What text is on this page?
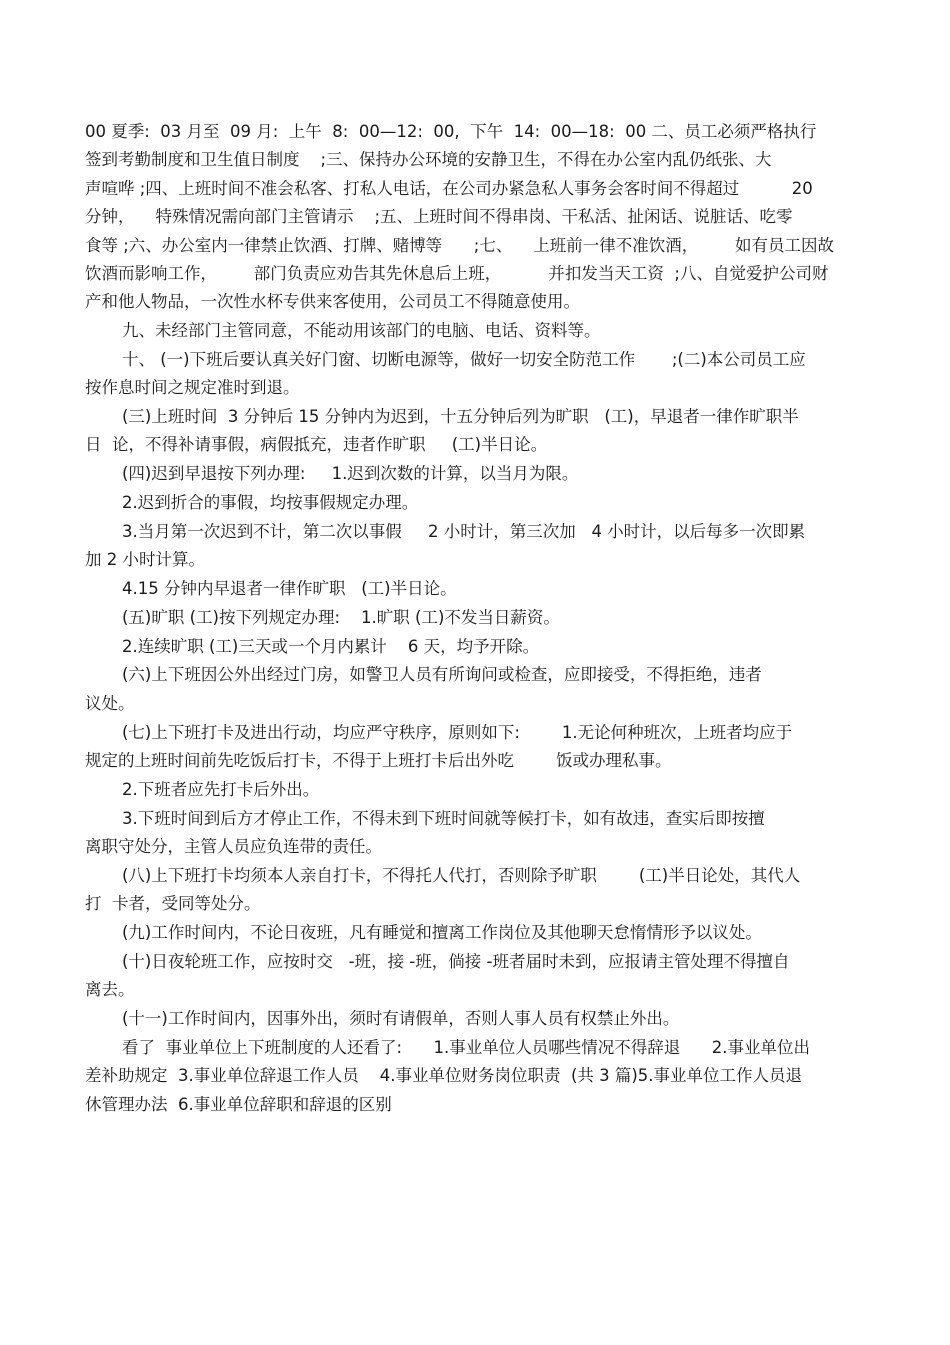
00 夏季:  03 月至  09 月:  上午  8:  00—12:  00,  下午  14:  00—18:  00 二、员工必须严格执行
签到考勤制度和卫生值日制度    ;三、保持办公环境的安静卫生，不得在办公室内乱仍纸张、大
声喧哗 ;四、上班时间不准会私客、打私人电话，在公司办紧急私人事务会客时间不得超过          20
分钟，    特殊情况需向部门主管请示    ;五、上班时间不得串岗、干私活、扯闲话、说脏话、吃零
食等 ;六、办公室内一律禁止饮酒、打牌、赌博等      ;七、    上班前一律不准饮酒，       如有员工因故
饮酒而影响工作，       部门负责应劝告其先休息后上班，         并扣发当天工资  ;八、自觉爱护公司财
产和他人物品，一次性水杯专供来客使用，公司员工不得随意使用。
九、未经部门主管同意，不能动用该部门的电脑、电话、资料等。
十、 (一)下班后要认真关好门窗、切断电源等，做好一切安全防范工作       ;(二)本公司员工应
按作息时间之规定准时到退。
(三)上班时间  3 分钟后 15 分钟内为迟到，十五分钟后列为旷职   (工)，早退者一律作旷职半
日  论，不得补请事假，病假抵充，违者作旷职     (工)半日论。
(四)迟到早退按下列办理:     1.迟到次数的计算，以当月为限。
2.迟到折合的事假，均按事假规定办理。
3.当月第一次迟到不计，第二次以事假     2 小时计，第三次加   4 小时计，以后每多一次即累
加 2 小时计算。
4.15 分钟内早退者一律作旷职   (工)半日论。
(五)旷职 (工)按下列规定办理:    1.旷职 (工)不发当日薪资。
2.连续旷职 (工)三天或一个月内累计    6 天，均予开除。
(六)上下班因公外出经过门房，如警卫人员有所询问或检查，应即接受，不得拒绝，违者
议处。
(七)上下班打卡及进出行动，均应严守秩序，原则如下:        1.无论何种班次，上班者均应于
规定的上班时间前先吃饭后打卡，不得于上班打卡后出外吃        饭或办理私事。
2.下班者应先打卡后外出。
3.下班时间到后方才停止工作，不得未到下班时间就等候打卡，如有故违，查实后即按擅
离职守处分，主管人员应负连带的责任。
(八)上下班打卡均须本人亲自打卡，不得托人代打，否则除予旷职        (工)半日论处，其代人
打  卡者，受同等处分。
(九)工作时间内，不论日夜班，凡有睡觉和擅离工作岗位及其他聊天怠惰情形予以议处。
(十)日夜轮班工作，应按时交   -班，接 -班，倘接 -班者届时未到，应报请主管处理不得擅自
离去。
(十一)工作时间内，因事外出，须时有请假单，否则人事人员有权禁止外出。
看了  事业单位上下班制度的人还看了:      1.事业单位人员哪些情况不得辞退      2.事业单位出
差补助规定  3.事业单位辞退工作人员    4.事业单位财务岗位职责  (共 3 篇)5.事业单位工作人员退
休管理办法  6.事业单位辞职和辞退的区别
